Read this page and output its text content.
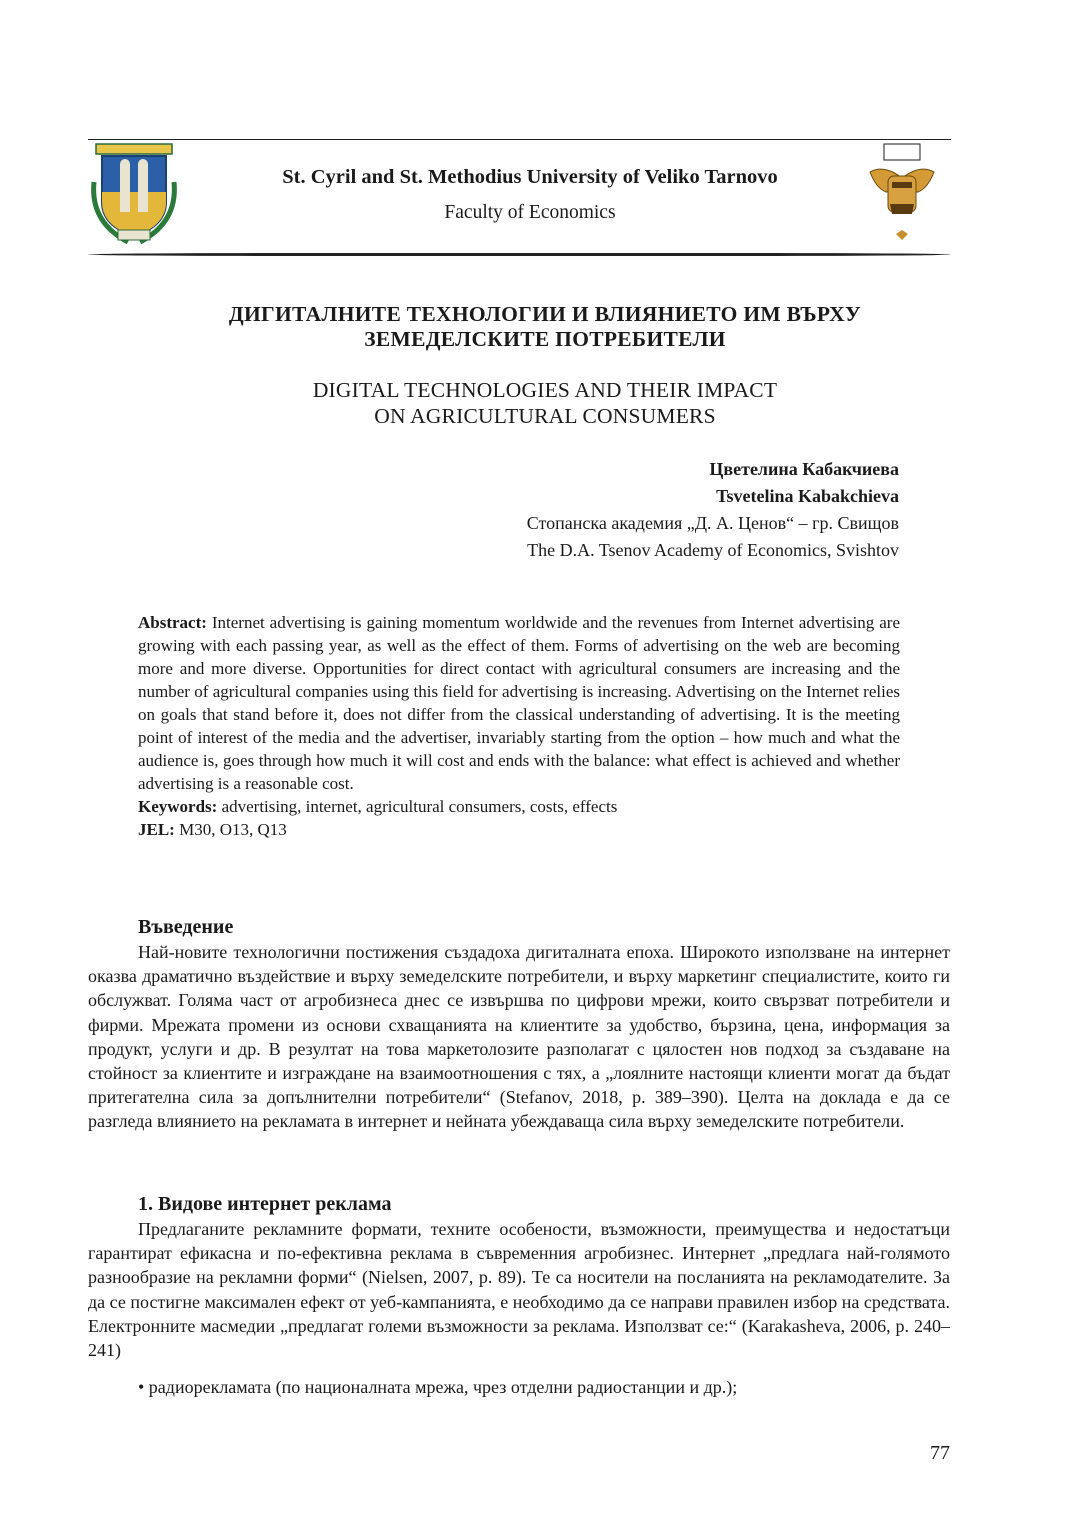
St. Cyril and St. Methodius University of Veliko Tarnovo
Faculty of Economics
ДИГИТАЛНИТЕ ТЕХНОЛОГИИ И ВЛИЯНИЕТО ИМ ВЪРХУ
ЗЕМЕДЕЛСКИТЕ ПОТРЕБИТЕЛИ
DIGITAL TECHNOLOGIES AND THEIR IMPACT
ON AGRICULTURAL CONSUMERS
Цветелина Кабакчиева
Tsvetelina Kabakchieva
Стопанска академия „Д. А. Ценов“ – гр. Свищов
The D.A. Tsenov Academy of Economics, Svishtov

Abstract: Internet advertising is gaining momentum worldwide and the revenues from Internet advertising are growing with each passing year, as well as the effect of them. Forms of advertising on the web are becoming more and more diverse. Opportunities for direct contact with agricultural consumers are increasing and the number of agricultural companies using this field for advertising is increasing. Advertising on the Internet relies on goals that stand before it, does not differ from the classical understanding of advertising. It is the meeting point of interest of the media and the advertiser, invariably starting from the option – how much and what the audience is, goes through how much it will cost and ends with the balance: what effect is achieved and whether advertising is a reasonable cost.

Keywords: advertising, internet, agricultural consumers, costs, effects

JEL: M30, O13, Q13

Въведение

Най-новите технологични постижения създадоха дигиталната епоха. Широкото използване на интернет оказва драматично въздействие и върху земеделските потребители, и върху маркетинг специалистите, които ги обслужват. Голяма част от агробизнеса днес се извършва по цифрови мрежи, които свързват потребители и фирми. Мрежата промени из основи схващанията на клиентите за удобство, бързина, цена, информация за продукт, услуги и др. В резултат на това маркетолозите разполагат с цялостен нов подход за създаване на стойност за клиентите и изграждане на взаимоотношения с тях, а „лоялните настоящи клиенти могат да бъдат притегателна сила за допълнителни потребители“ (Stefanov, 2018, p. 389–390). Целта на доклада е да се разгледа влиянието на рекламата в интернет и нейната убеждаваща сила върху земеделските потребители.

1. Видове интернет реклама

Предлаганите рекламните формати, техните особености, възможности, преимущества и недостатъци гарантират ефикасна и по-ефективна реклама в съвременния агробизнес. Интернет „предлага най-голямото разнообразие на рекламни форми“ (Nielsen, 2007, p. 89). Те са носители на посланията на рекламодателите. За да се постигне максимален ефект от уеб-кампанията, е необходимо да се направи правилен избор на средствата. Електронните масмедии „предлагат големи възможности за реклама. Използват се:“ (Karakasheva, 2006, p. 240–241)

• радиорекламата (по националната мрежа, чрез отделни радиостанции и др.);
77
